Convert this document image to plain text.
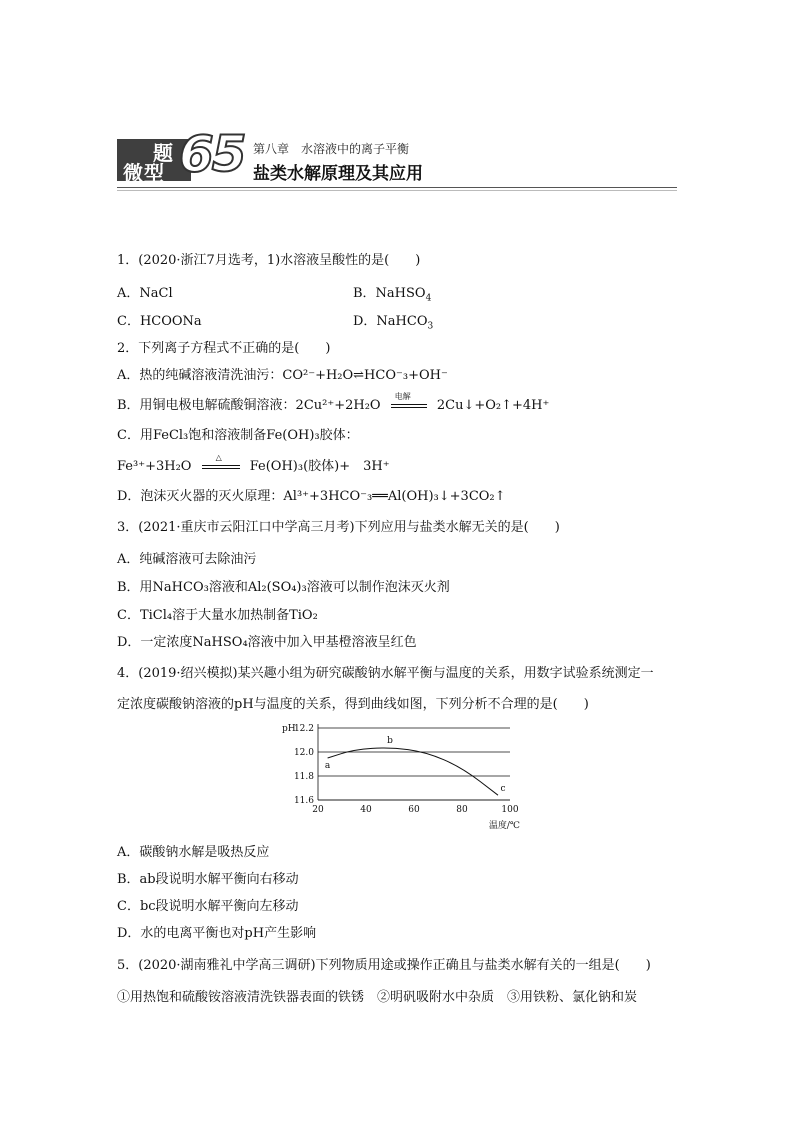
题
微型 65 第八章　水溶液中的离子平衡
盐类水解原理及其应用
1．(2020·浙江7月选考，1)水溶液呈酸性的是(　　)
A．NaCl	B．NaHSO$_4$
C．HCOONa	D．NaHCO$_3$
2．下列离子方程式不正确的是(　　)
A．热的纯碱溶液清洗油污：CO²⁻+H₂O⇌HCO⁻₃+OH⁻
B．用铜电极电解硫酸铜溶液：2Cu²⁺+2H₂O
电解
2Cu↓+O₂↑+4H⁺
C．用FeCl₃饱和溶液制备Fe(OH)₃胶体：
Fe³⁺+3H₂O
△
Fe(OH)₃(胶体)+　3H⁺
D．泡沫灭火器的灭火原理：Al³⁺+3HCO⁻₃══Al(OH)₃↓+3CO₂↑
3．(2021·重庆市云阳江口中学高三月考)下列应用与盐类水解无关的是(　　)
A．纯碱溶液可去除油污
B．用NaHCO₃溶液和Al₂(SO₄)₃溶液可以制作泡沫灭火剂
C．TiCl₄溶于大量水加热制备TiO₂
D．一定浓度NaHSO₄溶液中加入甲基橙溶液呈红色
4．(2019·绍兴模拟)某兴趣小组为研究碳酸钠水解平衡与温度的关系，用数字试验系统测定一
定浓度碳酸钠溶液的pH与温度的关系，得到曲线如图，下列分析不合理的是(　　)
11.6
11.8
12.0
12.2
20	40	60	80	100
a
b
c
pH
温度/℃
A．碳酸钠水解是吸热反应
B．ab段说明水解平衡向右移动
C．bc段说明水解平衡向左移动
D．水的电离平衡也对pH产生影响
5．(2020·湖南雅礼中学高三调研)下列物质用途或操作正确且与盐类水解有关的一组是(　　)
①用热饱和硫酸铵溶液清洗铁器表面的铁锈　②明矾吸附水中杂质　③用铁粉、氯化钠和炭
